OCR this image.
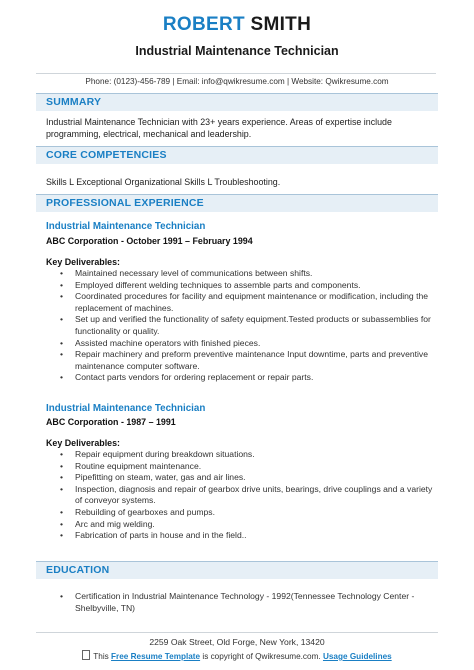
ROBERT SMITH
Industrial Maintenance Technician
Phone: (0123)-456-789 | Email: info@qwikresume.com | Website: Qwikresume.com
SUMMARY
Industrial Maintenance Technician with 23+ years experience. Areas of expertise include programming, electrical, mechanical and leadership.
CORE COMPETENCIES
Skills L Exceptional Organizational Skills L Troubleshooting.
PROFESSIONAL EXPERIENCE
Industrial Maintenance Technician
ABC Corporation - October 1991 – February 1994
Key Deliverables:
• Maintained necessary level of communications between shifts.
• Employed different welding techniques to assemble parts and components.
• Coordinated procedures for facility and equipment maintenance or modification, including the replacement of machines.
• Set up and verified the functionality of safety equipment.Tested products or subassemblies for functionality or quality.
• Assisted machine operators with finished pieces.
• Repair machinery and preform preventive maintenance Input downtime, parts and preventive maintenance computer software.
• Contact parts vendors for ordering replacement or repair parts.
Industrial Maintenance Technician
ABC Corporation - 1987 – 1991
Key Deliverables:
• Repair equipment during breakdown situations.
• Routine equipment maintenance.
• Pipefitting on steam, water, gas and air lines.
• Inspection, diagnosis and repair of gearbox drive units, bearings, drive couplings and a variety of conveyor systems.
• Rebuilding of gearboxes and pumps.
• Arc and mig welding.
• Fabrication of parts in house and in the field..
EDUCATION
•	Certification in Industrial Maintenance Technology - 1992(Tennessee Technology Center - Shelbyville, TN)
2259 Oak Street, Old Forge, New York, 13420
This Free Resume Template is copyright of Qwikresume.com. Usage Guidelines
